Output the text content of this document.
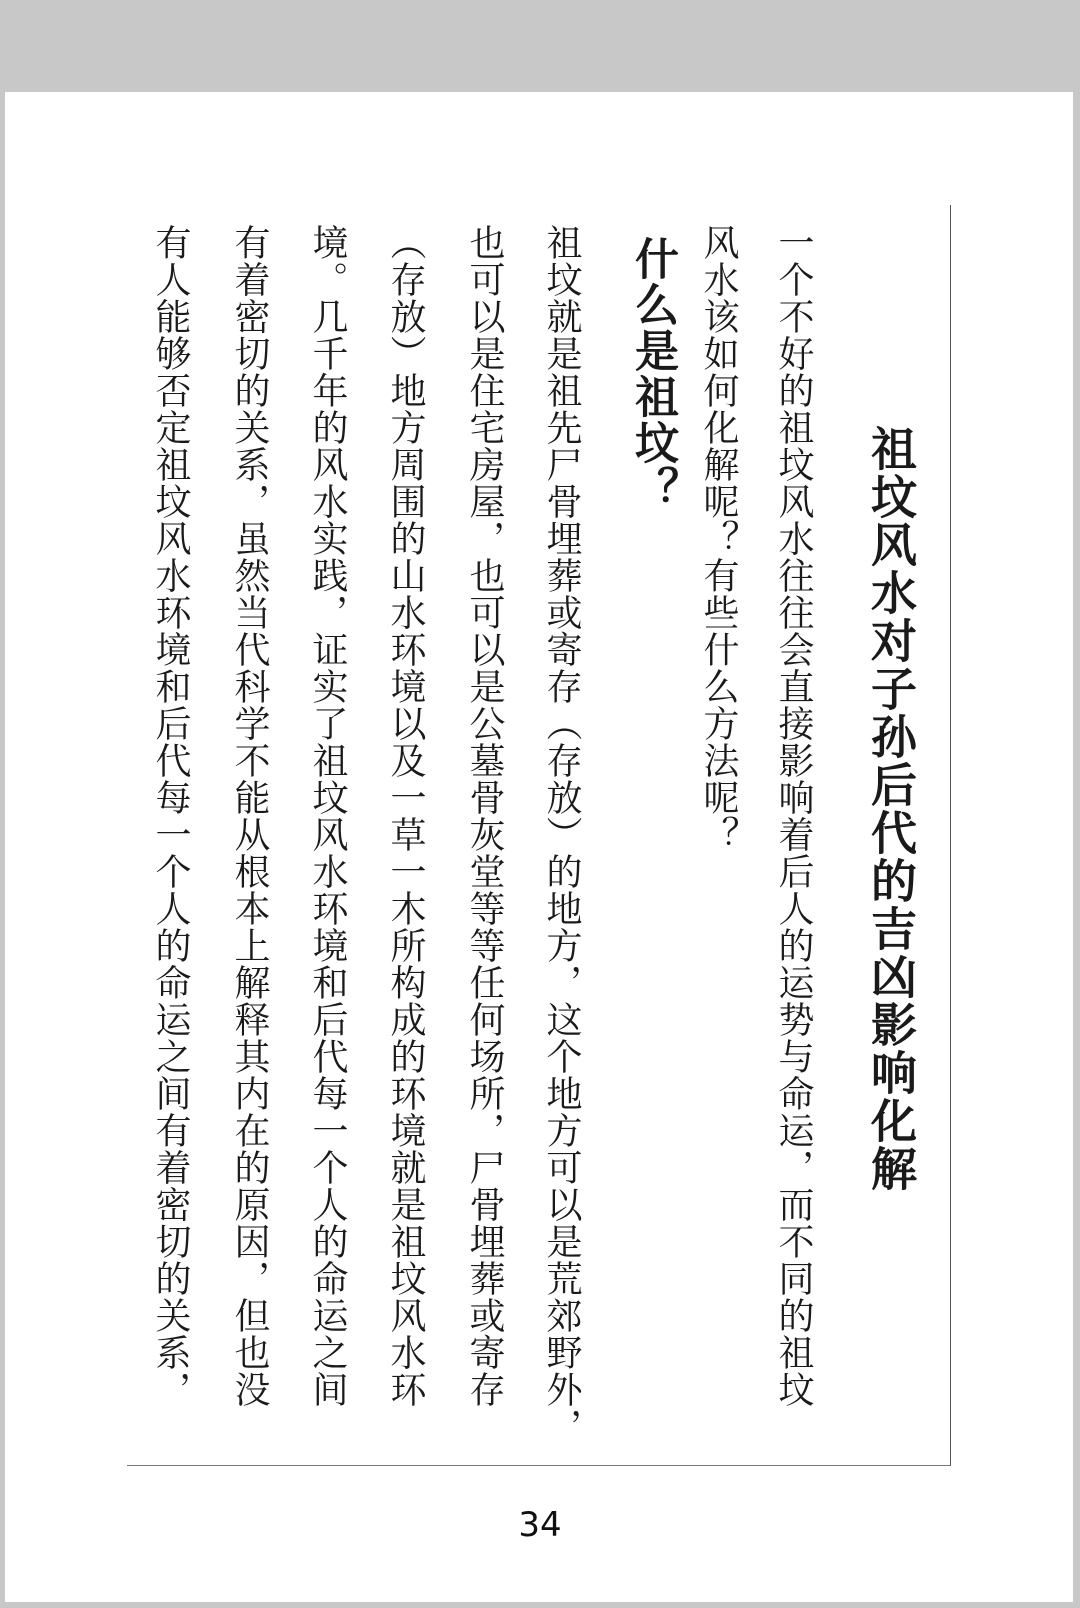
祖坟风水对子孙后代的吉凶影响化解
一个不好的祖坟风水往往会直接影响着后人的运势与命运，而不同的祖坟
风水该如何化解呢？有些什么方法呢？
什么是祖坟？
祖坟就是祖先尸骨埋葬或寄存（存放）的地方，这个地方可以是荒郊野外，
也可以是住宅房屋，也可以是公墓骨灰堂等等任何场所，尸骨埋葬或寄存
（存放）地方周围的山水环境以及一草一木所构成的环境就是祖坟风水环
境。几千年的风水实践，证实了祖坟风水环境和后代每一个人的命运之间
有着密切的关系，虽然当代科学不能从根本上解释其内在的原因，但也没
有人能够否定祖坟风水环境和后代每一个人的命运之间有着密切的关系，
34
